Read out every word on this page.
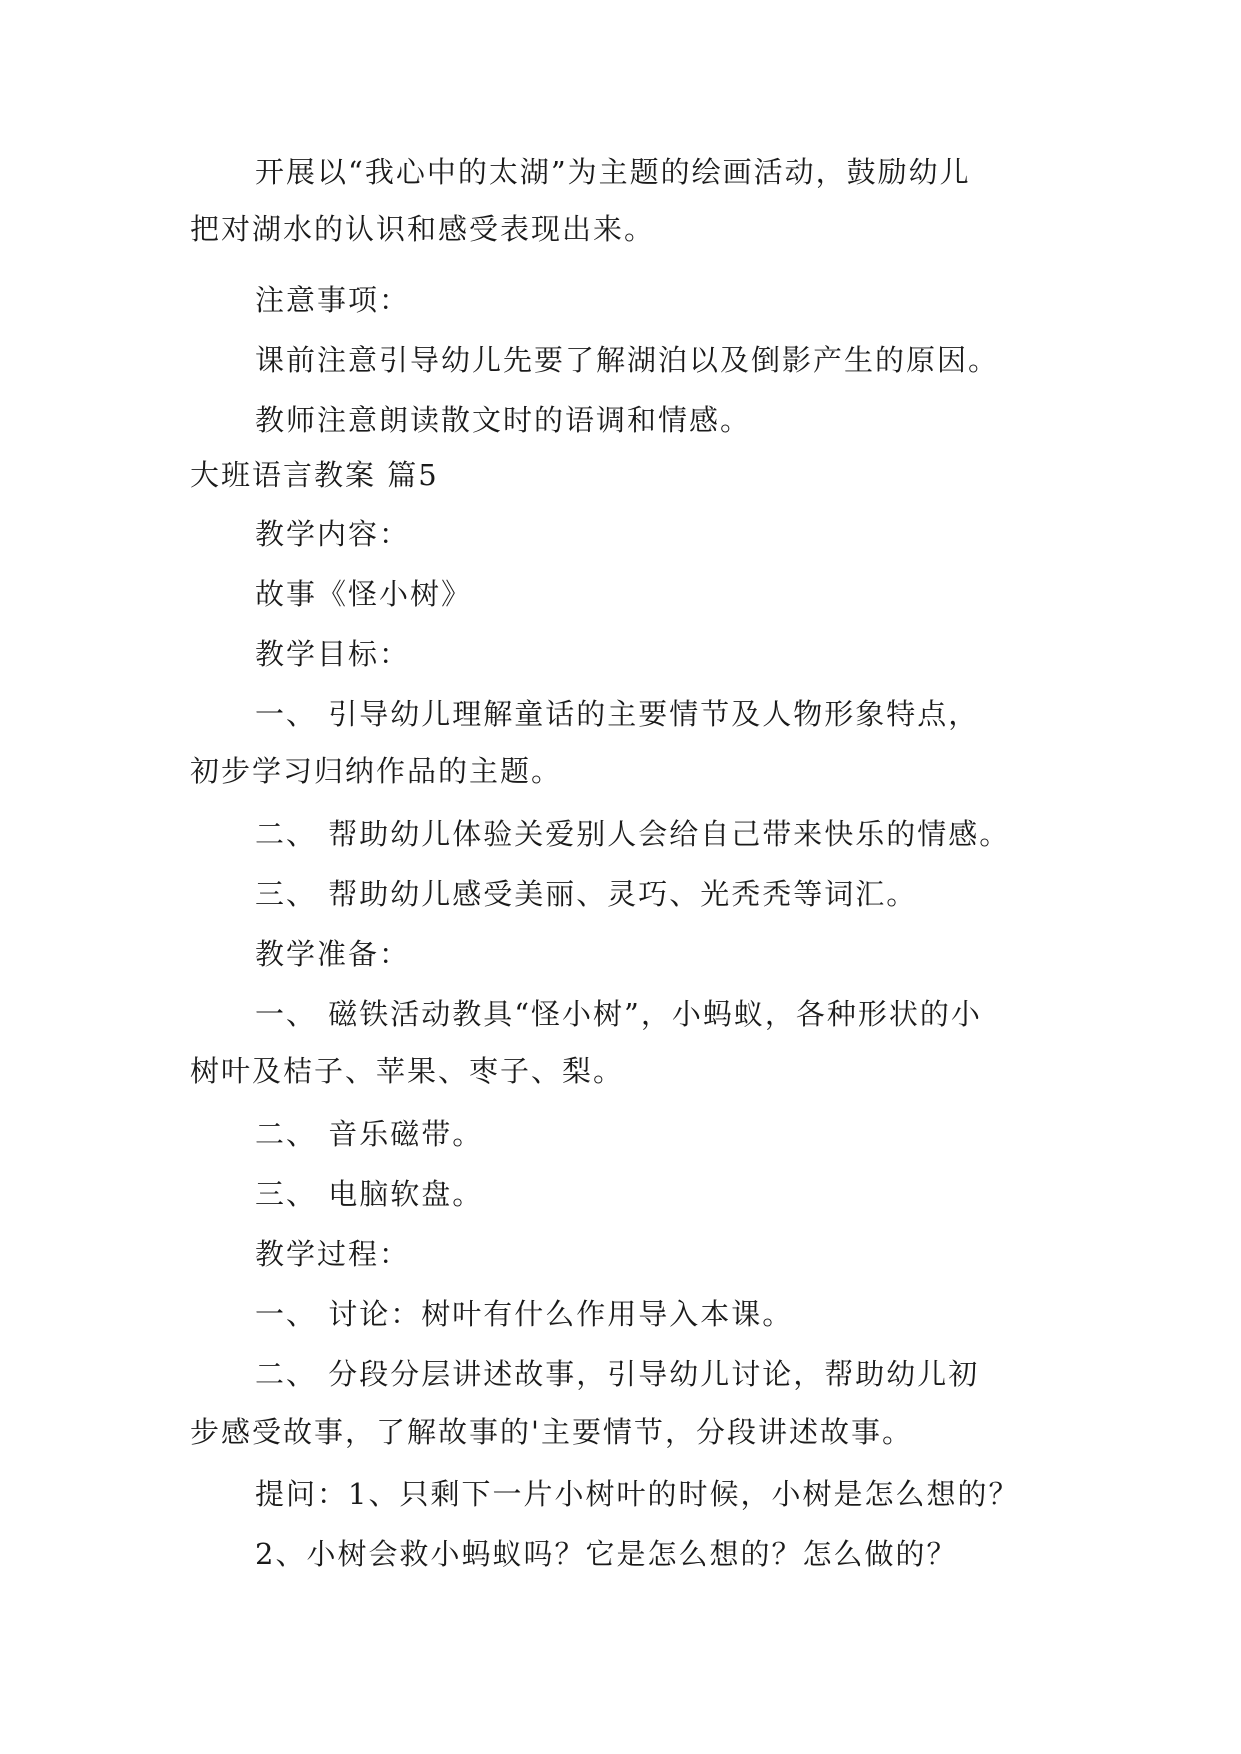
开展以“我心中的太湖”为主题的绘画活动，鼓励幼儿
把对湖水的认识和感受表现出来。
注意事项：
课前注意引导幼儿先要了解湖泊以及倒影产生的原因。
教师注意朗读散文时的语调和情感。
大班语言教案 篇5
教学内容：
故事《怪小树》
教学目标：
一、 引导幼儿理解童话的主要情节及人物形象特点，
初步学习归纳作品的主题。
二、 帮助幼儿体验关爱别人会给自己带来快乐的情感。
三、 帮助幼儿感受美丽、灵巧、光秃秃等词汇。
教学准备：
一、 磁铁活动教具“怪小树”，小蚂蚁，各种形状的小
树叶及桔子、苹果、枣子、梨。
二、 音乐磁带。
三、 电脑软盘。
教学过程：
一、 讨论：树叶有什么作用导入本课。
二、 分段分层讲述故事，引导幼儿讨论，帮助幼儿初
步感受故事，了解故事的'主要情节，分段讲述故事。
提问：1、只剩下一片小树叶的时候，小树是怎么想的？
2、小树会救小蚂蚁吗？它是怎么想的？怎么做的？
